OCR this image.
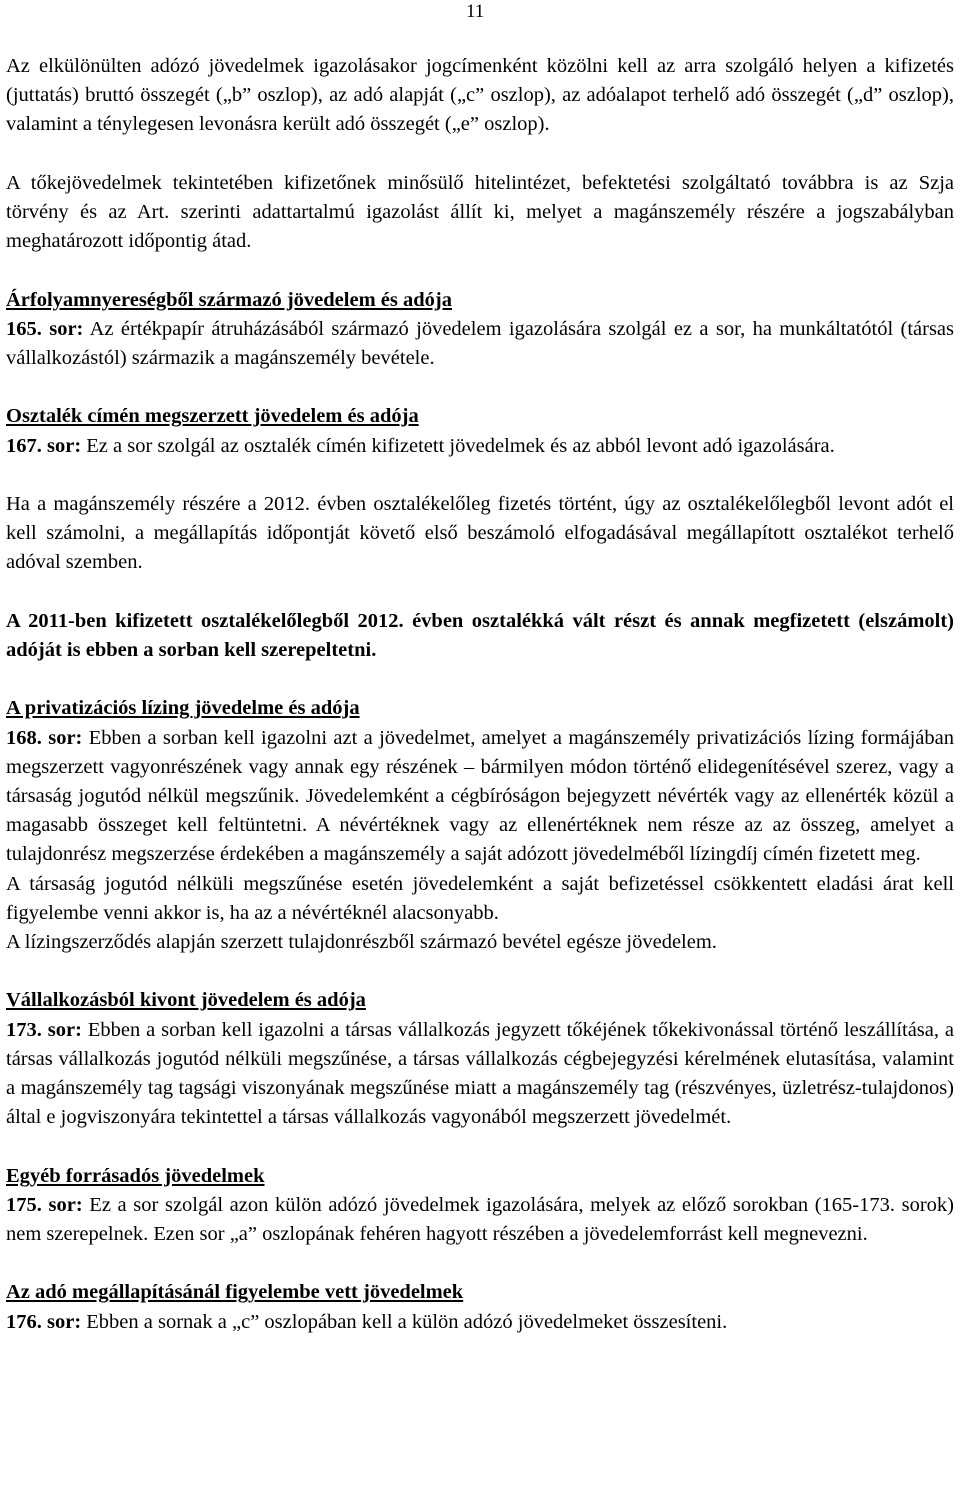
11

Az elkülönülten adózó jövedelmek igazolásakor jogcímenként közölni kell az arra szolgáló helyen a kifizetés (juttatás) bruttó összegét („b” oszlop), az adó alapját („c” oszlop), az adóalapot terhelő adó összegét („d” oszlop), valamint a ténylegesen levonásra került adó összegét („e” oszlop).

A tőkejövedelmek tekintetében kifizetőnek minősülő hitelintézet, befektetési szolgáltató továbbra is az Szja törvény és az Art. szerinti adattartalmú igazolást állít ki, melyet a magánszemély részére a jogszabályban meghatározott időpontig átad.

Árfolyamnyereségből származó jövedelem és adója

165. sor: Az értékpapír átruházásából származó jövedelem igazolására szolgál ez a sor, ha munkáltatótól (társas vállalkozástól) származik a magánszemély bevétele.

Osztalék címén megszerzett jövedelem és adója

167. sor: Ez a sor szolgál az osztalék címén kifizetett jövedelmek és az abból levont adó igazolására.

Ha a magánszemély részére a 2012. évben osztalékelőleg fizetés történt, úgy az osztalékelőlegből levont adót el kell számolni, a megállapítás időpontját követő első beszámoló elfogadásával megállapított osztalékot terhelő adóval szemben.

A 2011-ben kifizetett osztalékelőlegből 2012. évben osztalékká vált részt és annak megfizetett (elszámolt) adóját is ebben a sorban kell szerepeltetni.

A privatizációs lízing jövedelme és adója

168. sor: Ebben a sorban kell igazolni azt a jövedelmet, amelyet a magánszemély privatizációs lízing formájában megszerzett vagyonrészének vagy annak egy részének – bármilyen módon történő elidegenítésével szerez, vagy a társaság jogutód nélkül megszűnik. Jövedelemként a cégbíróságon bejegyzett névérték vagy az ellenérték közül a magasabb összeget kell feltüntetni. A névértéknek vagy az ellenértéknek nem része az az összeg, amelyet a tulajdonrész megszerzése érdekében a magánszemély a saját adózott jövedelméből lízingdíj címén fizetett meg.

A társaság jogutód nélküli megszűnése esetén jövedelemként a saját befizetéssel csökkentett eladási árat kell figyelembe venni akkor is, ha az a névértéknél alacsonyabb.

A lízingszerződés alapján szerzett tulajdonrészből származó bevétel egésze jövedelem.

Vállalkozásból kivont jövedelem és adója

173. sor: Ebben a sorban kell igazolni a társas vállalkozás jegyzett tőkéjének tőkekivonással történő leszállítása, a társas vállalkozás jogutód nélküli megszűnése, a társas vállalkozás cégbejegyzési kérelmének elutasítása, valamint a magánszemély tag tagsági viszonyának megszűnése miatt a magánszemély tag (részvényes, üzletrész-tulajdonos) által e jogviszonyára tekintettel a társas vállalkozás vagyonából megszerzett jövedelmét.

Egyéb forrásadós jövedelmek

175. sor: Ez a sor szolgál azon külön adózó jövedelmek igazolására, melyek az előző sorokban (165-173. sorok) nem szerepelnek. Ezen sor „a” oszlopának fehéren hagyott részében a jövedelemforrást kell megnevezni.

Az adó megállapításánál figyelembe vett jövedelmek

176. sor: Ebben a sornak a „c” oszlopában kell a külön adózó jövedelmeket összesíteni.
